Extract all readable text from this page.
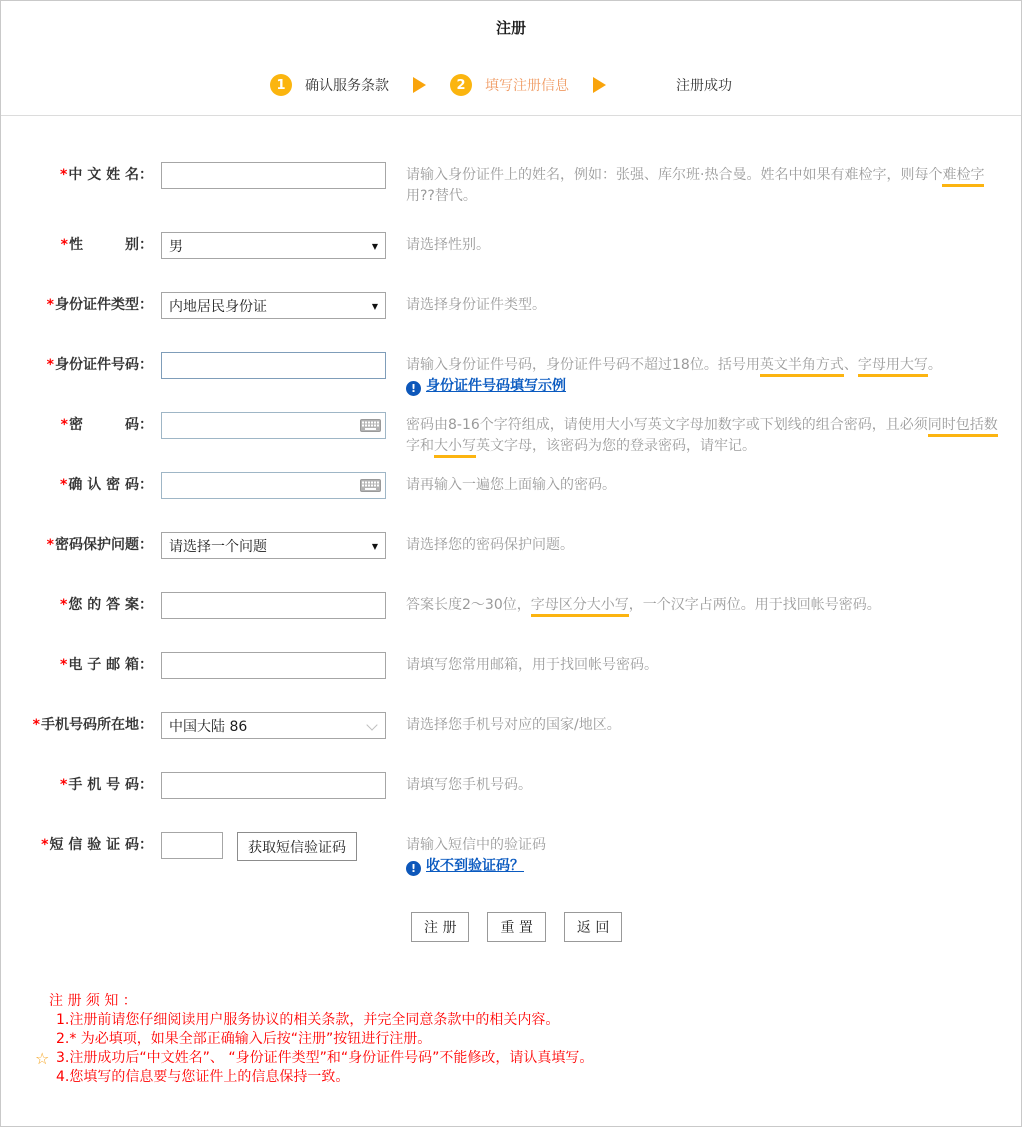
注册
1	确认服务条款	2	填写注册信息	注册成功
*中 文 姓 名：	请输入身份证件上的姓名，例如：张强、库尔班·热合曼。姓名中如果有难检字，则每个难检字用??替代。
*性　　　别： 男	▼ 请选择性别。
*身份证件类型： 内地居民身份证	▼ 请选择身份证件类型。
*身份证件号码：	请输入身份证件号码，身份证件号码不超过18位。括号用英文半角方式、字母用大写。
! 身份证件号码填写示例
*密　　　码：	密码由8-16个字符组成，请使用大小写英文字母加数字或下划线的组合密码，且必须同时包括数字和大小写英文字母，该密码为您的登录密码，请牢记。
*确 认 密 码：	请再输入一遍您上面输入的密码。
*密码保护问题： 请选择一个问题	▼ 请选择您的密码保护问题。
*您 的 答 案：	答案长度2～30位，字母区分大小写，一个汉字占两位。用于找回帐号密码。
*电 子 邮 箱：	请填写您常用邮箱，用于找回帐号密码。
*手机号码所在地： 中国大陆 86	请选择您手机号对应的国家/地区。
*手 机 号 码：	请填写您手机号码。
*短 信 验 证 码：	获取短信验证码	请输入短信中的验证码
! 收不到验证码？
注 册	重 置	返 回
注 册 须 知 ：
1.注册前请您仔细阅读用户服务协议的相关条款，并完全同意条款中的相关内容。
2.* 为必填项，如果全部正确输入后按“注册”按钮进行注册。
☆ 3.注册成功后“中文姓名”、 “身份证件类型”和“身份证件号码”不能修改，请认真填写。
4.您填写的信息要与您证件上的信息保持一致。
